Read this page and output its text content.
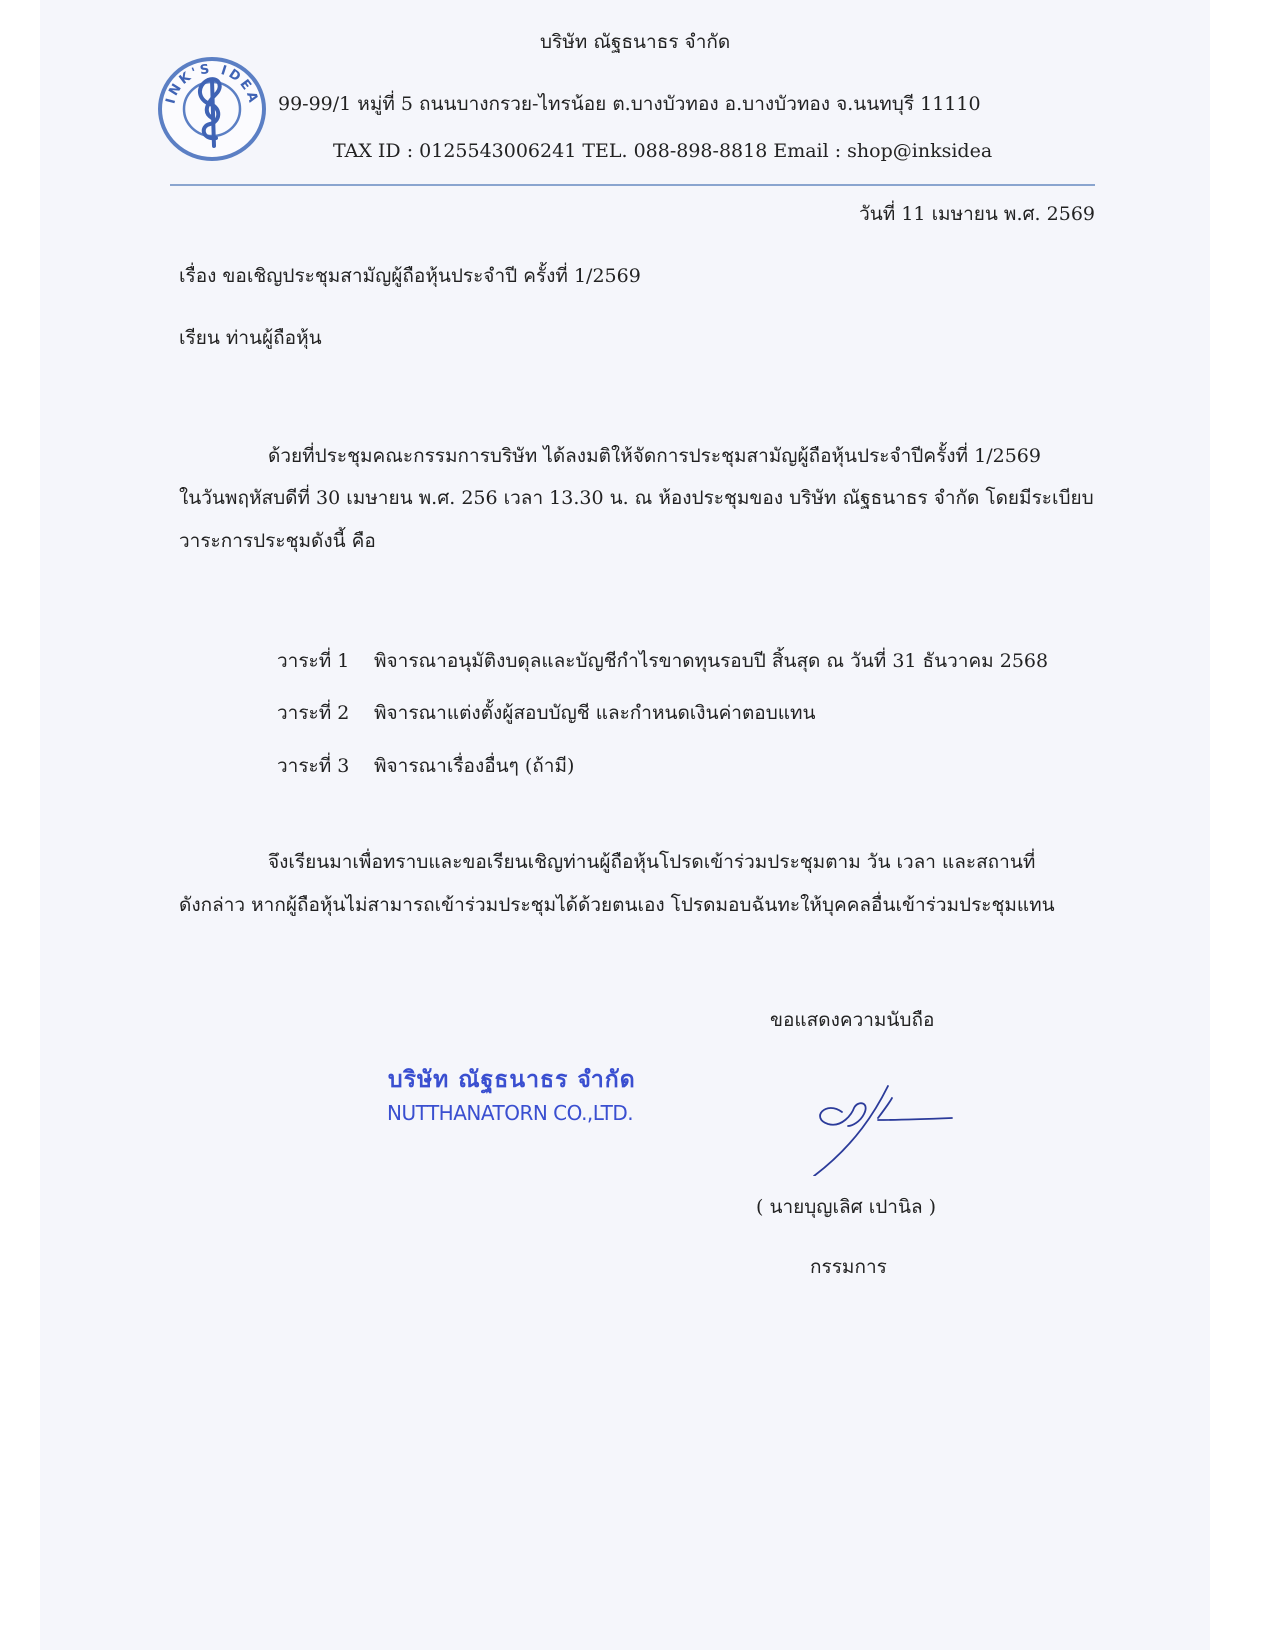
INK'S IDEA
บริษัท ณัฐธนาธร จำกัด
99-99/1 หมู่ที่ 5 ถนนบางกรวย-ไทรน้อย ต.บางบัวทอง อ.บางบัวทอง จ.นนทบุรี 11110
TAX ID : 0125543006241 TEL. 088-898-8818 Email : shop@inksidea
วันที่ 11 เมษายน พ.ศ. 2569
เรื่อง ขอเชิญประชุมสามัญผู้ถือหุ้นประจำปี ครั้งที่ 1/2569
เรียน ท่านผู้ถือหุ้น
ด้วยที่ประชุมคณะกรรมการบริษัท ได้ลงมติให้จัดการประชุมสามัญผู้ถือหุ้นประจำปีครั้งที่ 1/2569
ในวันพฤหัสบดีที่ 30 เมษายน พ.ศ. 256 เวลา 13.30 น. ณ ห้องประชุมของ บริษัท ณัฐธนาธร จำกัด โดยมีระเบียบ
วาระการประชุมดังนี้ คือ
วาระที่ 1 พิจารณาอนุมัติงบดุลและบัญชีกำไรขาดทุนรอบปี สิ้นสุด ณ วันที่ 31 ธันวาคม 2568
วาระที่ 2 พิจารณาแต่งตั้งผู้สอบบัญชี และกำหนดเงินค่าตอบแทน
วาระที่ 3 พิจารณาเรื่องอื่นๆ (ถ้ามี)
จึงเรียนมาเพื่อทราบและขอเรียนเชิญท่านผู้ถือหุ้นโปรดเข้าร่วมประชุมตาม วัน เวลา และสถานที่
ดังกล่าว หากผู้ถือหุ้นไม่สามารถเข้าร่วมประชุมได้ด้วยตนเอง โปรดมอบฉันทะให้บุคคลอื่นเข้าร่วมประชุมแทน
ขอแสดงความนับถือ
บริษัท ณัฐธนาธร จำกัด
NUTTHANATORN CO.,LTD.
( นายบุญเลิศ เปานิล )
กรรมการ
